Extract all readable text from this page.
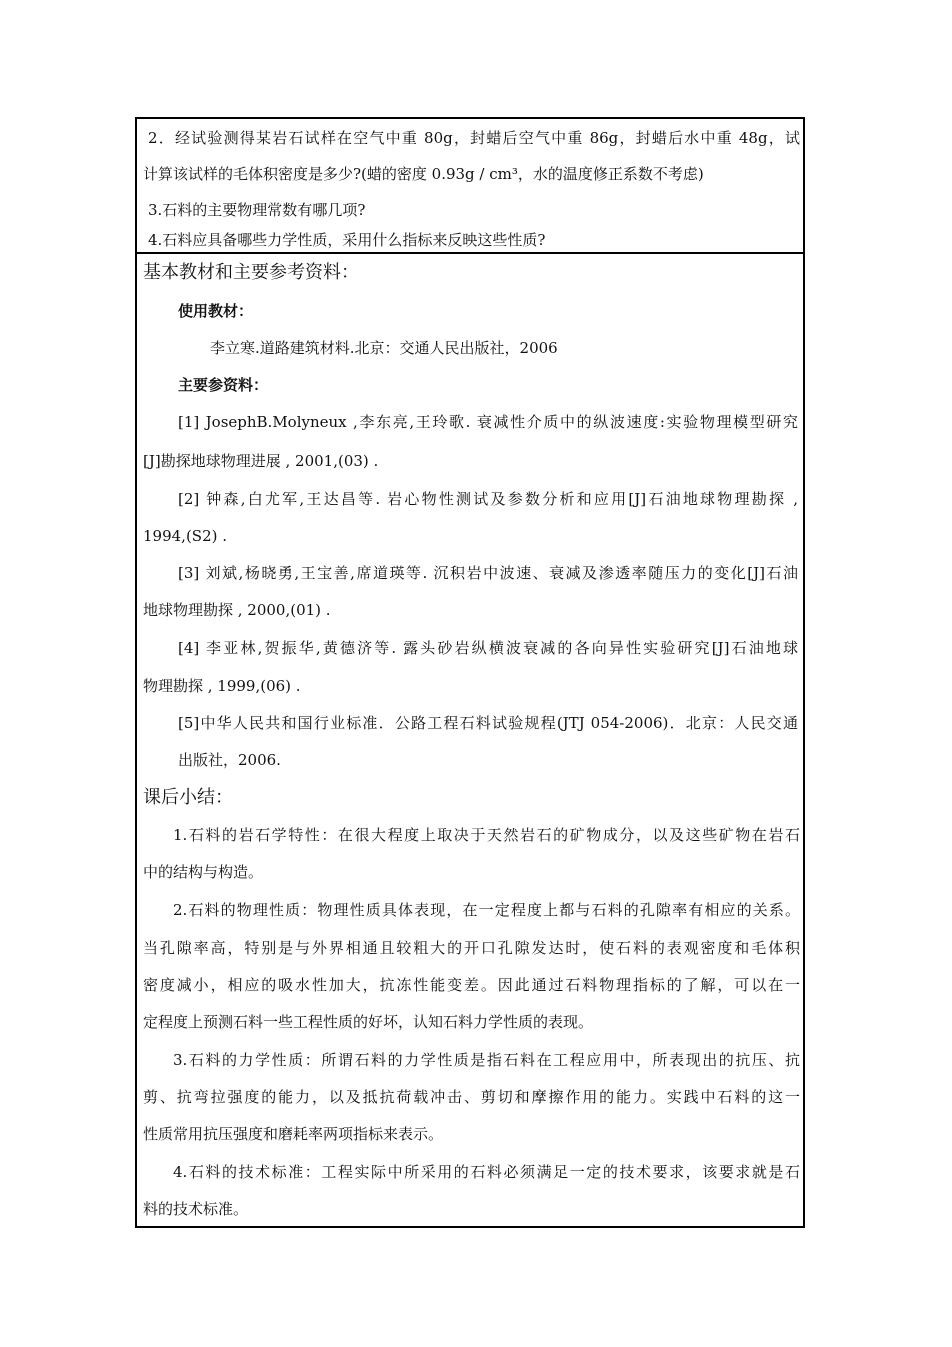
2．经试验测得某岩石试样在空气中重 80g，封蜡后空气中重 86g，封蜡后水中重 48g，试
计算该试样的毛体积密度是多少?(蜡的密度 0.93g / cm³，水的温度修正系数不考虑)
3.石料的主要物理常数有哪几项?
4.石料应具备哪些力学性质，采用什么指标来反映这些性质?
基本教材和主要参考资料：
使用教材：
李立寒.道路建筑材料.北京：交通人民出版社，2006
主要参资料：
[1] JosephB.Molyneux ,李东亮,王玲歌. 衰减性介质中的纵波速度:实验物理模型研究
[J]勘探地球物理进展 , 2001,(03) .
[2] 钟森,白尤军,王达昌等. 岩心物性测试及参数分析和应用[J]石油地球物理勘探 ,
1994,(S2) .
[3] 刘斌,杨晓勇,王宝善,席道瑛等. 沉积岩中波速、衰减及渗透率随压力的变化[J]石油
地球物理勘探 , 2000,(01) .
[4] 李亚林,贺振华,黄德济等. 露头砂岩纵横波衰减的各向异性实验研究[J]石油地球
物理勘探 , 1999,(06) .
[5]中华人民共和国行业标准．公路工程石料试验规程(JTJ 054-2006)．北京：人民交通
出版社，2006.
课后小结：
1.石料的岩石学特性：在很大程度上取决于天然岩石的矿物成分，以及这些矿物在岩石
中的结构与构造。
2.石料的物理性质：物理性质具体表现，在一定程度上都与石料的孔隙率有相应的关系。
当孔隙率高，特别是与外界相通且较粗大的开口孔隙发达时，使石料的表观密度和毛体积
密度减小，相应的吸水性加大，抗冻性能变差。因此通过石料物理指标的了解，可以在一
定程度上预测石料一些工程性质的好坏，认知石料力学性质的表现。
3.石料的力学性质：所谓石料的力学性质是指石料在工程应用中，所表现出的抗压、抗
剪、抗弯拉强度的能力，以及抵抗荷载冲击、剪切和摩擦作用的能力。实践中石料的这一
性质常用抗压强度和磨耗率两项指标来表示。
4.石料的技术标准：工程实际中所采用的石料必须满足一定的技术要求，该要求就是石
料的技术标准。
